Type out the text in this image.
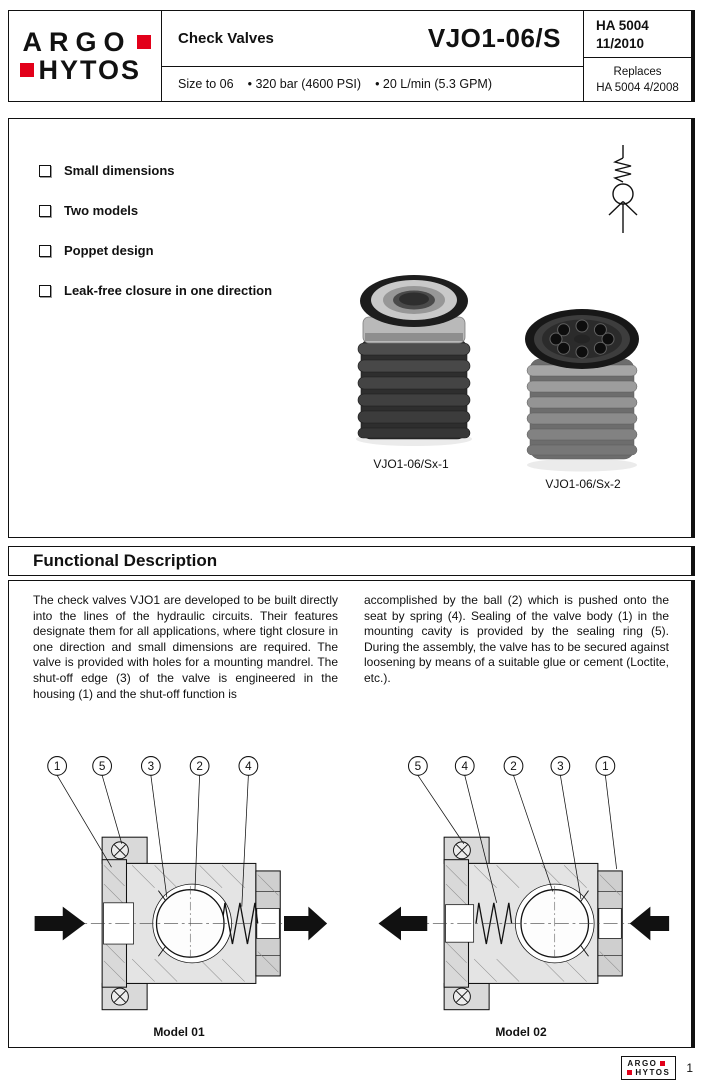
ARGO
HYTOS
Check Valves	VJO1-06/S
Size to 06 • 320 bar (4600 PSI) • 20 L/min (5.3 GPM)
HA 5004
11/2010
Replaces
HA 5004 4/2008
Small dimensions
Two models
Poppet design
Leak-free closure in one direction
VJO1-06/Sx-1
VJO1-06/Sx-2
Functional Description
The check valves VJO1 are developed to be built directly into the lines of the hydraulic circuits. Their features designate them for all applications, where tight closure in one direction and small dimensions are required. The valve is provided with holes for a mounting mandrel. The shut-off edge (3) of the valve is engineered in the housing (1) and the shut-off function is
accomplished by the ball (2) which is pushed onto the seat by spring (4). Sealing of the valve body (1) in the mounting cavity is provided by the sealing ring (5). During the assembly, the valve has to be secured against loosening by means of a suitable glue or cement (Loctite, etc.).
1	5	3	2	4
Model 01
5	4	2	3	1
Model 02
ARGO
HYTOS 1
